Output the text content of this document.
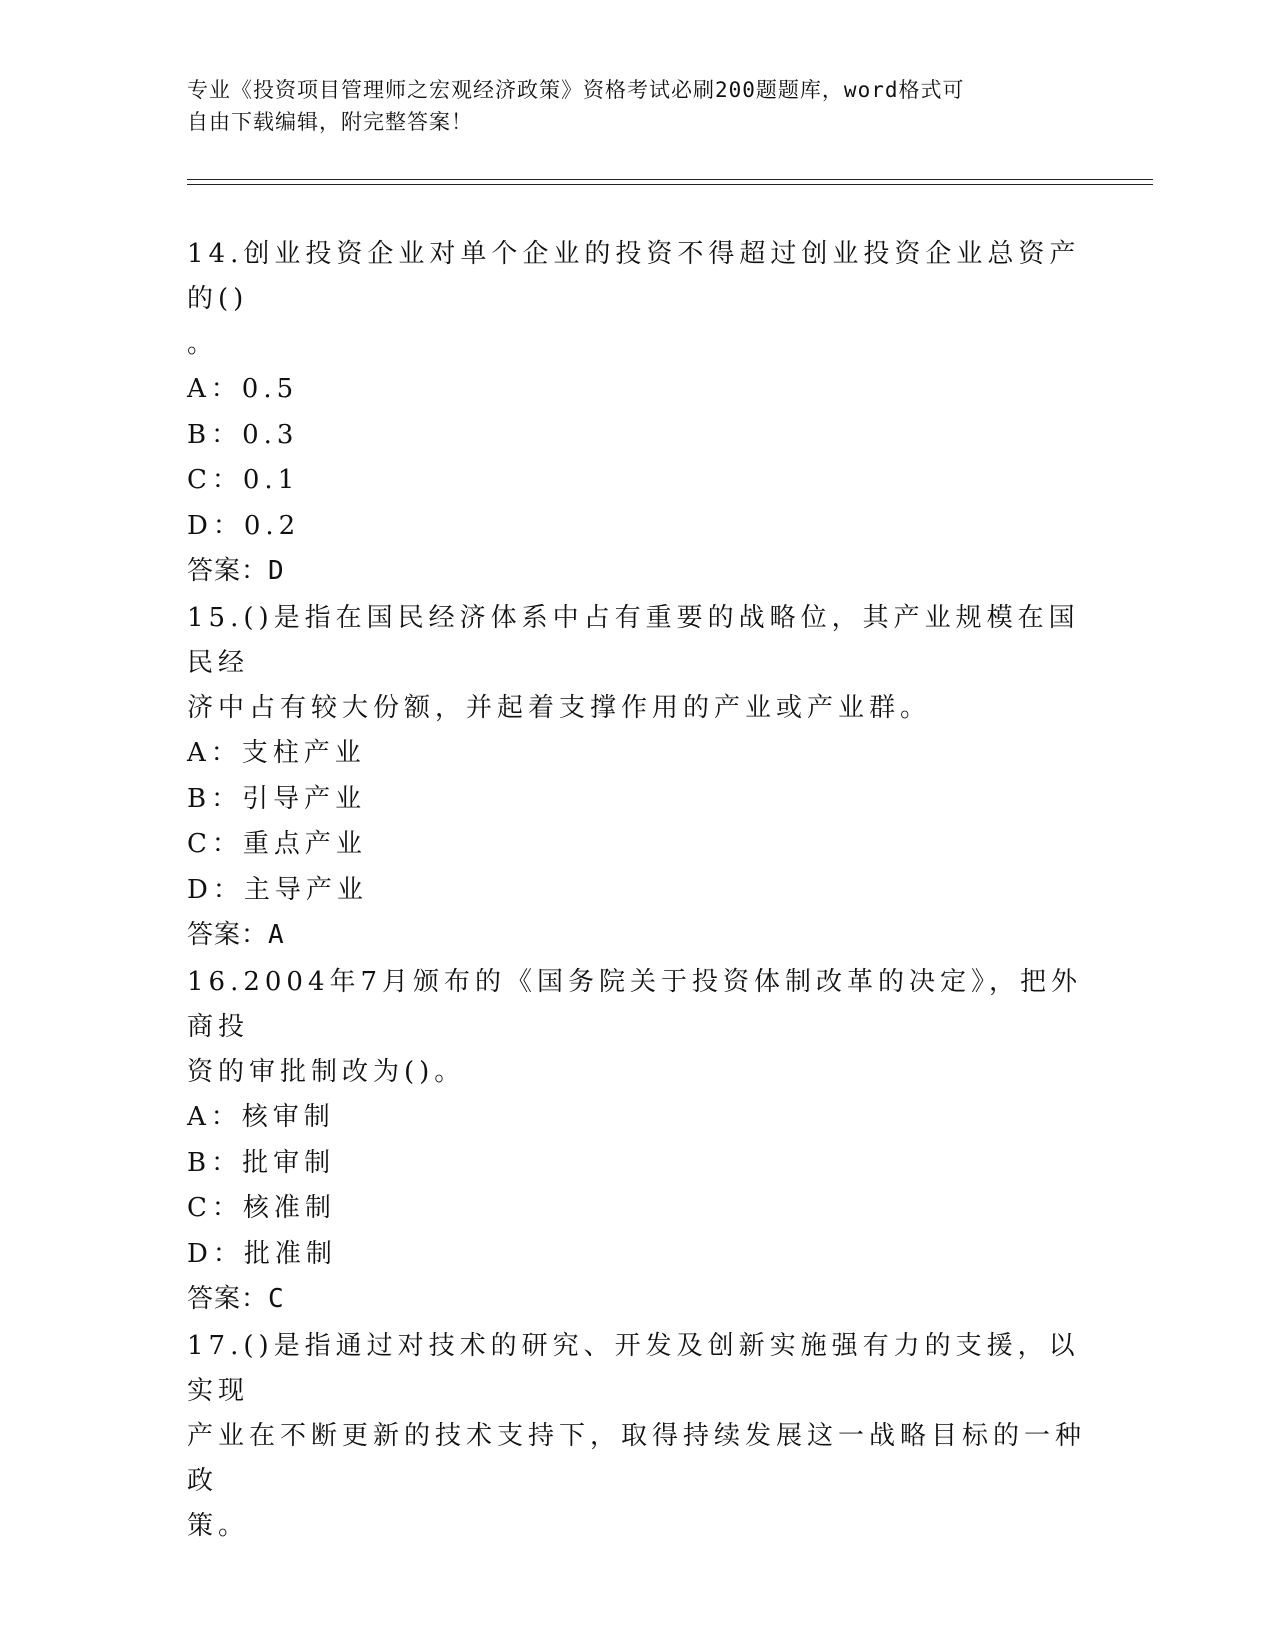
专业《投资项目管理师之宏观经济政策》资格考试必刷200题题库，word格式可
自由下载编辑，附完整答案！
14.创业投资企业对单个企业的投资不得超过创业投资企业总资产的()
。
A：0.5
B：0.3
C：0.1
D：0.2
答案：D
15.()是指在国民经济体系中占有重要的战略位，其产业规模在国民经
济中占有较大份额，并起着支撑作用的产业或产业群。
A：支柱产业
B：引导产业
C：重点产业
D：主导产业
答案：A
16.2004年7月颁布的《国务院关于投资体制改革的决定》，把外商投
资的审批制改为()。
A：核审制
B：批审制
C：核准制
D：批准制
答案：C
17.()是指通过对技术的研究、开发及创新实施强有力的支援，以实现
产业在不断更新的技术支持下，取得持续发展这一战略目标的一种政
策。
